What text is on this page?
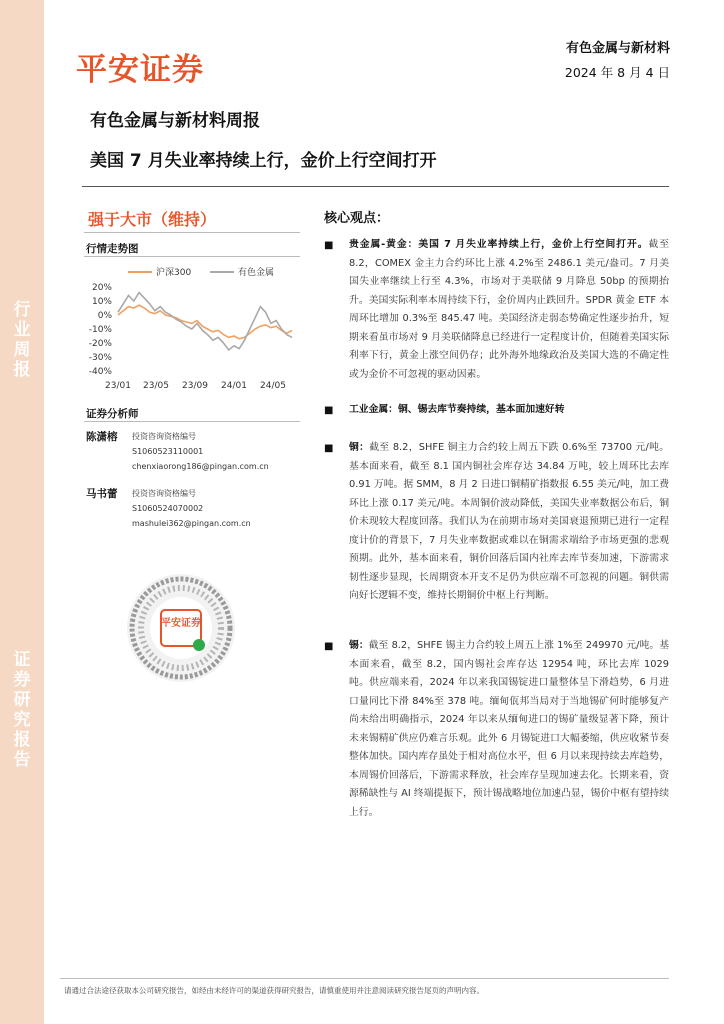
行
业
周
报
证
券
研
究
报
告
平安证券
有色金属与新材料
2024 年 8 月 4 日
有色金属与新材料周报
美国 7 月失业率持续上行，金价上行空间打开
强于大市（维持）
行情走势图
沪深300	有色金属
20%
10%
0%
-10%
-20%
-30%
-40%
23/01 23/05 23/09 24/01 24/05
证券分析师
陈潇榕 投资咨询资格编号
S1060523110001
chenxiaorong186@pingan.com.cn
马书蕾 投资咨询资格编号
S1060524070002
mashulei362@pingan.com.cn
平安证券
核心观点：
■ 贵金属-黄金：美国 7 月失业率持续上行，金价上行空间打开。截至 8.2，COMEX 金主力合约环比上涨 4.2%至 2486.1 美元/盎司。7 月美国失业率继续上行至 4.3%，市场对于美联储 9 月降息 50bp 的预期抬升。美国实际利率本周持续下行，金价周内止跌回升。SPDR 黄金 ETF 本周环比增加 0.3%至 845.47 吨。美国经济走弱态势确定性逐步抬升，短期来看虽市场对 9 月美联储降息已经进行一定程度计价，但随着美国实际利率下行，黄金上涨空间仍存；此外海外地缘政治及美国大选的不确定性或为金价不可忽视的驱动因素。
■ 工业金属：铜、锡去库节奏持续，基本面加速好转
■ 铜：截至 8.2，SHFE 铜主力合约较上周五下跌 0.6%至 73700 元/吨。基本面来看，截至 8.1 国内铜社会库存达 34.84 万吨，较上周环比去库 0.91 万吨。据 SMM，8 月 2 日进口铜精矿指数报 6.55 美元/吨，加工费环比上涨 0.17 美元/吨。本周铜价波动降低，美国失业率数据公布后，铜价未现较大程度回落。我们认为在前期市场对美国衰退预期已进行一定程度计价的背景下，7 月失业率数据或难以在铜需求端给予市场更强的悲观预期。此外，基本面来看，铜价回落后国内社库去库节奏加速，下游需求韧性逐步显现，长周期资本开支不足仍为供应端不可忽视的问题。铜供需向好长逻辑不变，维持长期铜价中枢上行判断。
■ 锡：截至 8.2，SHFE 锡主力合约较上周五上涨 1%至 249970 元/吨。基本面来看，截至 8.2，国内锡社会库存达 12954 吨，环比去库 1029 吨。供应端来看，2024 年以来我国锡锭进口量整体呈下滑趋势，6 月进口量同比下滑 84%至 378 吨。缅甸佤邦当局对于当地锡矿何时能够复产尚未给出明确指示，2024 年以来从缅甸进口的锡矿量级显著下降，预计未来锡精矿供应仍难言乐观。此外 6 月锡锭进口大幅萎缩，供应收紧节奏整体加快。国内库存虽处于相对高位水平，但 6 月以来现持续去库趋势，本周锡价回落后，下游需求释放，社会库存呈现加速去化。长期来看，资源稀缺性与 AI 终端提振下，预计锡战略地位加速凸显，锡价中枢有望持续上行。
请通过合法途径获取本公司研究报告，如经由未经许可的渠道获得研究报告，请慎重使用并注意阅读研究报告尾页的声明内容。
